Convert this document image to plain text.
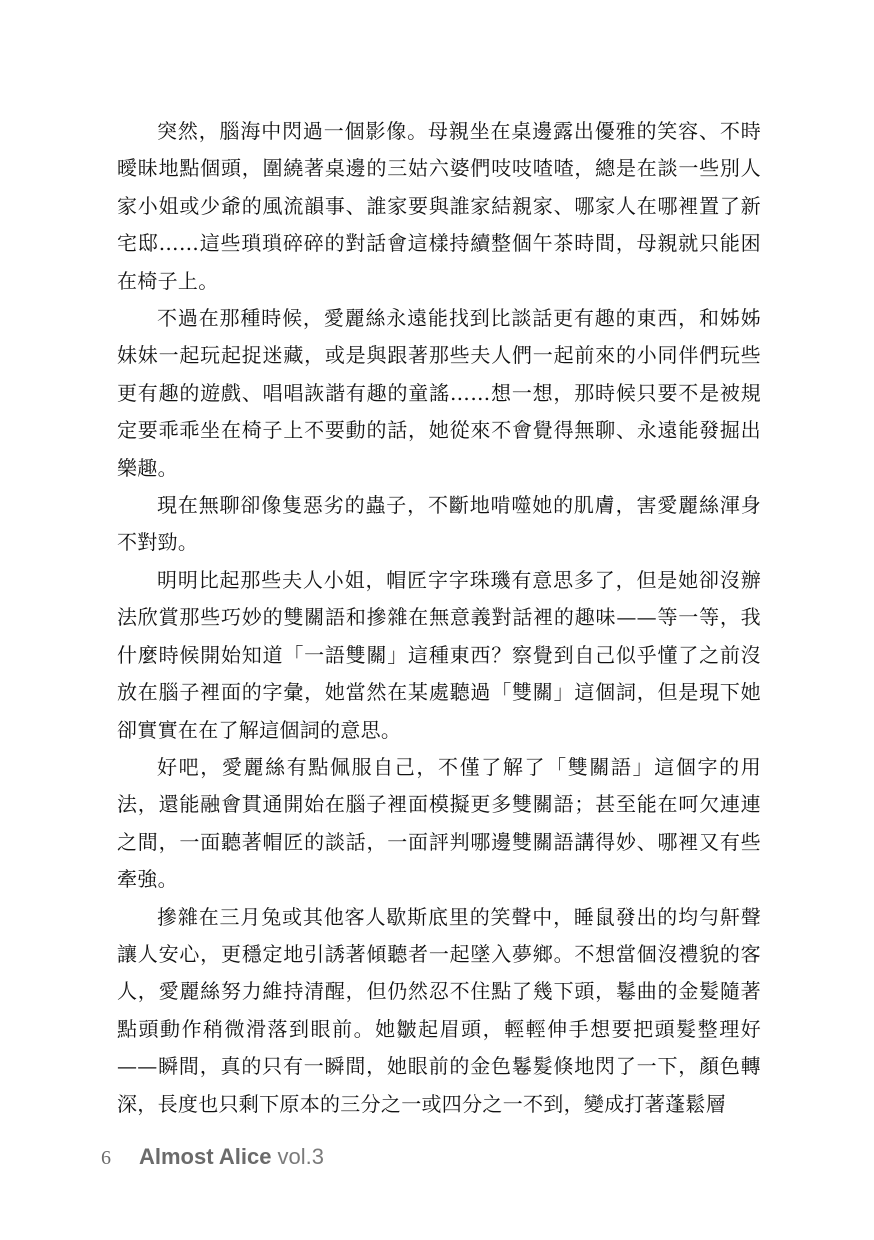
突然，腦海中閃過一個影像。母親坐在桌邊露出優雅的笑容、不時曖昧地點個頭，圍繞著桌邊的三姑六婆們吱吱喳喳，總是在談一些別人家小姐或少爺的風流韻事、誰家要與誰家結親家、哪家人在哪裡置了新宅邸……這些瑣瑣碎碎的對話會這樣持續整個午茶時間，母親就只能困在椅子上。

不過在那種時候，愛麗絲永遠能找到比談話更有趣的東西，和姊姊妹妹一起玩起捉迷藏，或是與跟著那些夫人們一起前來的小同伴們玩些更有趣的遊戲、唱唱詼諧有趣的童謠……想一想，那時候只要不是被規定要乖乖坐在椅子上不要動的話，她從來不會覺得無聊、永遠能發掘出樂趣。

現在無聊卻像隻惡劣的蟲子，不斷地啃噬她的肌膚，害愛麗絲渾身不對勁。

明明比起那些夫人小姐，帽匠字字珠璣有意思多了，但是她卻沒辦法欣賞那些巧妙的雙關語和摻雜在無意義對話裡的趣味——等一等，我什麼時候開始知道「一語雙關」這種東西？察覺到自己似乎懂了之前沒放在腦子裡面的字彙，她當然在某處聽過「雙關」這個詞，但是現下她卻實實在在了解這個詞的意思。

好吧，愛麗絲有點佩服自己，不僅了解了「雙關語」這個字的用法，還能融會貫通開始在腦子裡面模擬更多雙關語；甚至能在呵欠連連之間，一面聽著帽匠的談話，一面評判哪邊雙關語講得妙、哪裡又有些牽強。

摻雜在三月兔或其他客人歇斯底里的笑聲中，睡鼠發出的均勻鼾聲讓人安心，更穩定地引誘著傾聽者一起墜入夢鄉。不想當個沒禮貌的客人，愛麗絲努力維持清醒，但仍然忍不住點了幾下頭，鬈曲的金髮隨著點頭動作稍微滑落到眼前。她皺起眉頭，輕輕伸手想要把頭髮整理好——瞬間，真的只有一瞬間，她眼前的金色鬈髮倏地閃了一下，顏色轉深，長度也只剩下原本的三分之一或四分之一不到，變成打著蓬鬆層

6	Almost Alice vol.3
